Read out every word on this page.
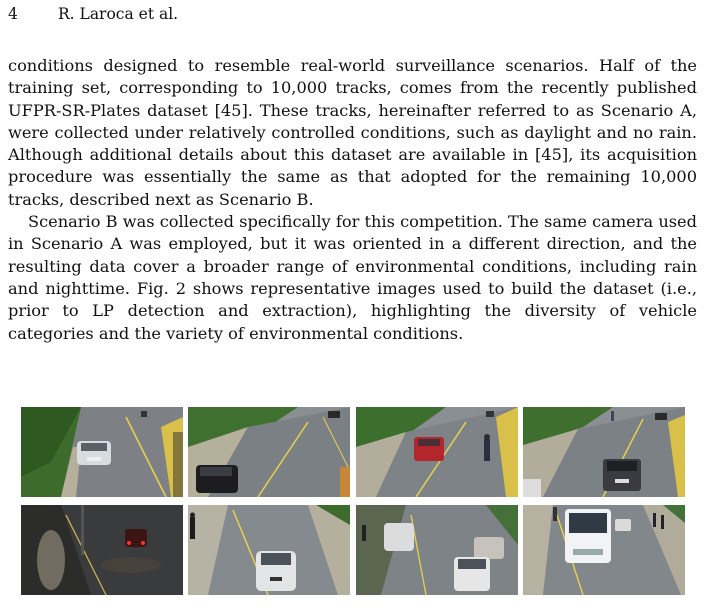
4	R. Laroca et al.

conditions designed to resemble real-world surveillance scenarios. Half of the training set, corresponding to 10,000 tracks, comes from the recently published UFPR-SR-Plates dataset [45]. These tracks, hereinafter referred to as Scenario A, were collected under relatively controlled conditions, such as daylight and no rain. Although additional details about this dataset are available in [45], its acquisition procedure was essentially the same as that adopted for the remaining 10,000 tracks, described next as Scenario B.

Scenario B was collected specifically for this competition. The same camera used in Scenario A was employed, but it was oriented in a different direction, and the resulting data cover a broader range of environmental conditions, including rain and nighttime. Fig. 2 shows representative images used to build the dataset (i.e., prior to LP detection and extraction), highlighting the diversity of vehicle categories and the variety of environmental conditions.
